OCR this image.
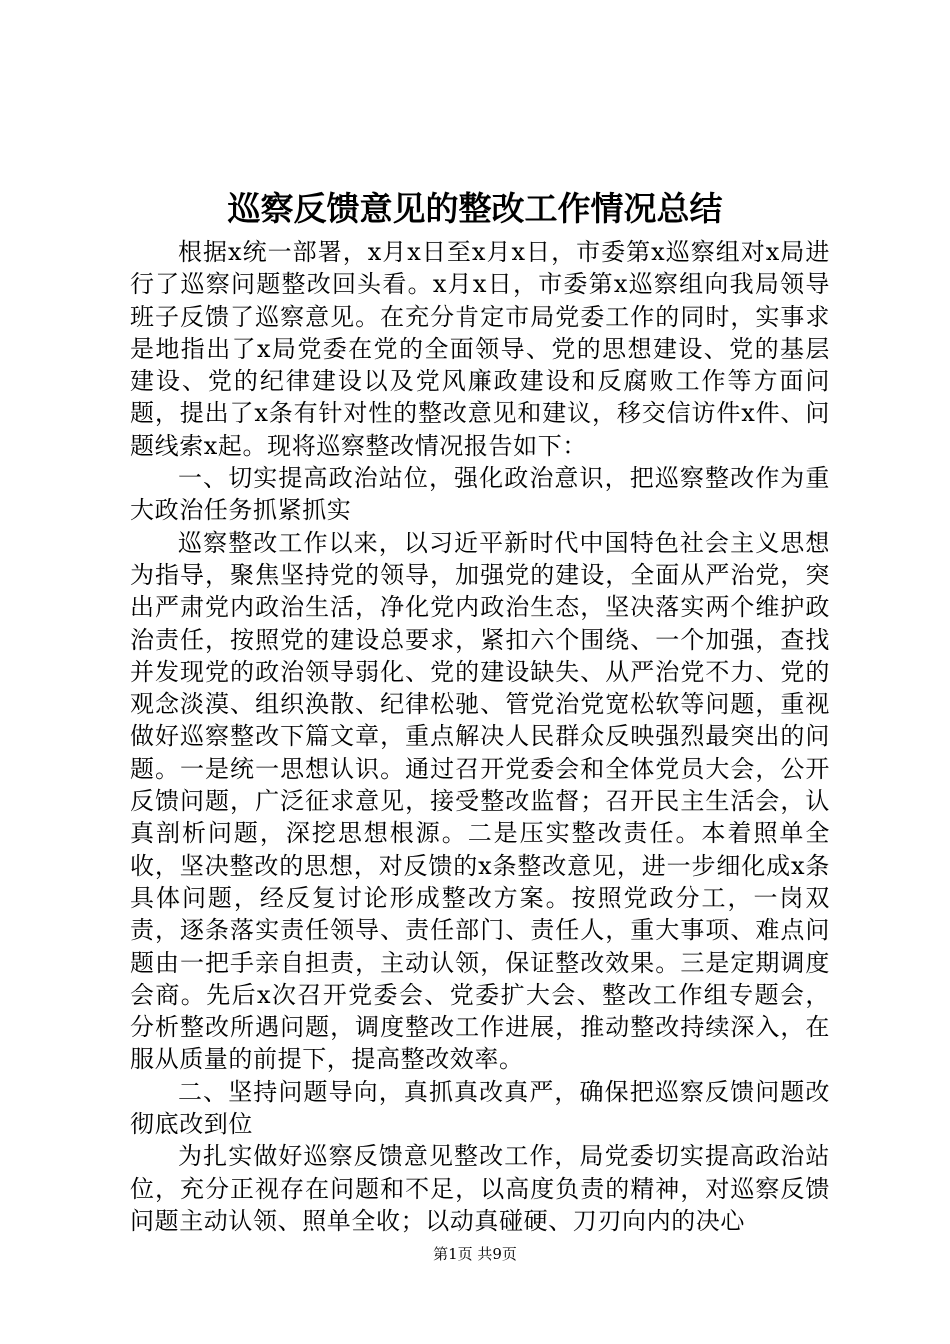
巡察反馈意见的整改工作情况总结

根据x统一部署，x月x日至x月x日，市委第x巡察组对x局进行了巡察问题整改回头看。x月x日，市委第x巡察组向我局领导班子反馈了巡察意见。在充分肯定市局党委工作的同时，实事求是地指出了x局党委在党的全面领导、党的思想建设、党的基层建设、党的纪律建设以及党风廉政建设和反腐败工作等方面问题，提出了x条有针对性的整改意见和建议，移交信访件x件、问题线索x起。现将巡察整改情况报告如下：

一、切实提高政治站位，强化政治意识，把巡察整改作为重大政治任务抓紧抓实

巡察整改工作以来，以习近平新时代中国特色社会主义思想为指导，聚焦坚持党的领导，加强党的建设，全面从严治党，突出严肃党内政治生活，净化党内政治生态，坚决落实两个维护政治责任，按照党的建设总要求，紧扣六个围绕、一个加强，查找并发现党的政治领导弱化、党的建设缺失、从严治党不力、党的观念淡漠、组织涣散、纪律松驰、管党治党宽松软等问题，重视做好巡察整改下篇文章，重点解决人民群众反映强烈最突出的问题。一是统一思想认识。通过召开党委会和全体党员大会，公开反馈问题，广泛征求意见，接受整改监督；召开民主生活会，认真剖析问题，深挖思想根源。二是压实整改责任。本着照单全收，坚决整改的思想，对反馈的x条整改意见，进一步细化成x条具体问题，经反复讨论形成整改方案。按照党政分工，一岗双责，逐条落实责任领导、责任部门、责任人，重大事项、难点问题由一把手亲自担责，主动认领，保证整改效果。三是定期调度会商。先后x次召开党委会、党委扩大会、整改工作组专题会，分析整改所遇问题，调度整改工作进展，推动整改持续深入，在服从质量的前提下，提高整改效率。

二、坚持问题导向，真抓真改真严，确保把巡察反馈问题改彻底改到位

为扎实做好巡察反馈意见整改工作，局党委切实提高政治站位，充分正视存在问题和不足，以高度负责的精神，对巡察反馈问题主动认领、照单全收；以动真碰硬、刀刃向内的决心

第1页 共9页
